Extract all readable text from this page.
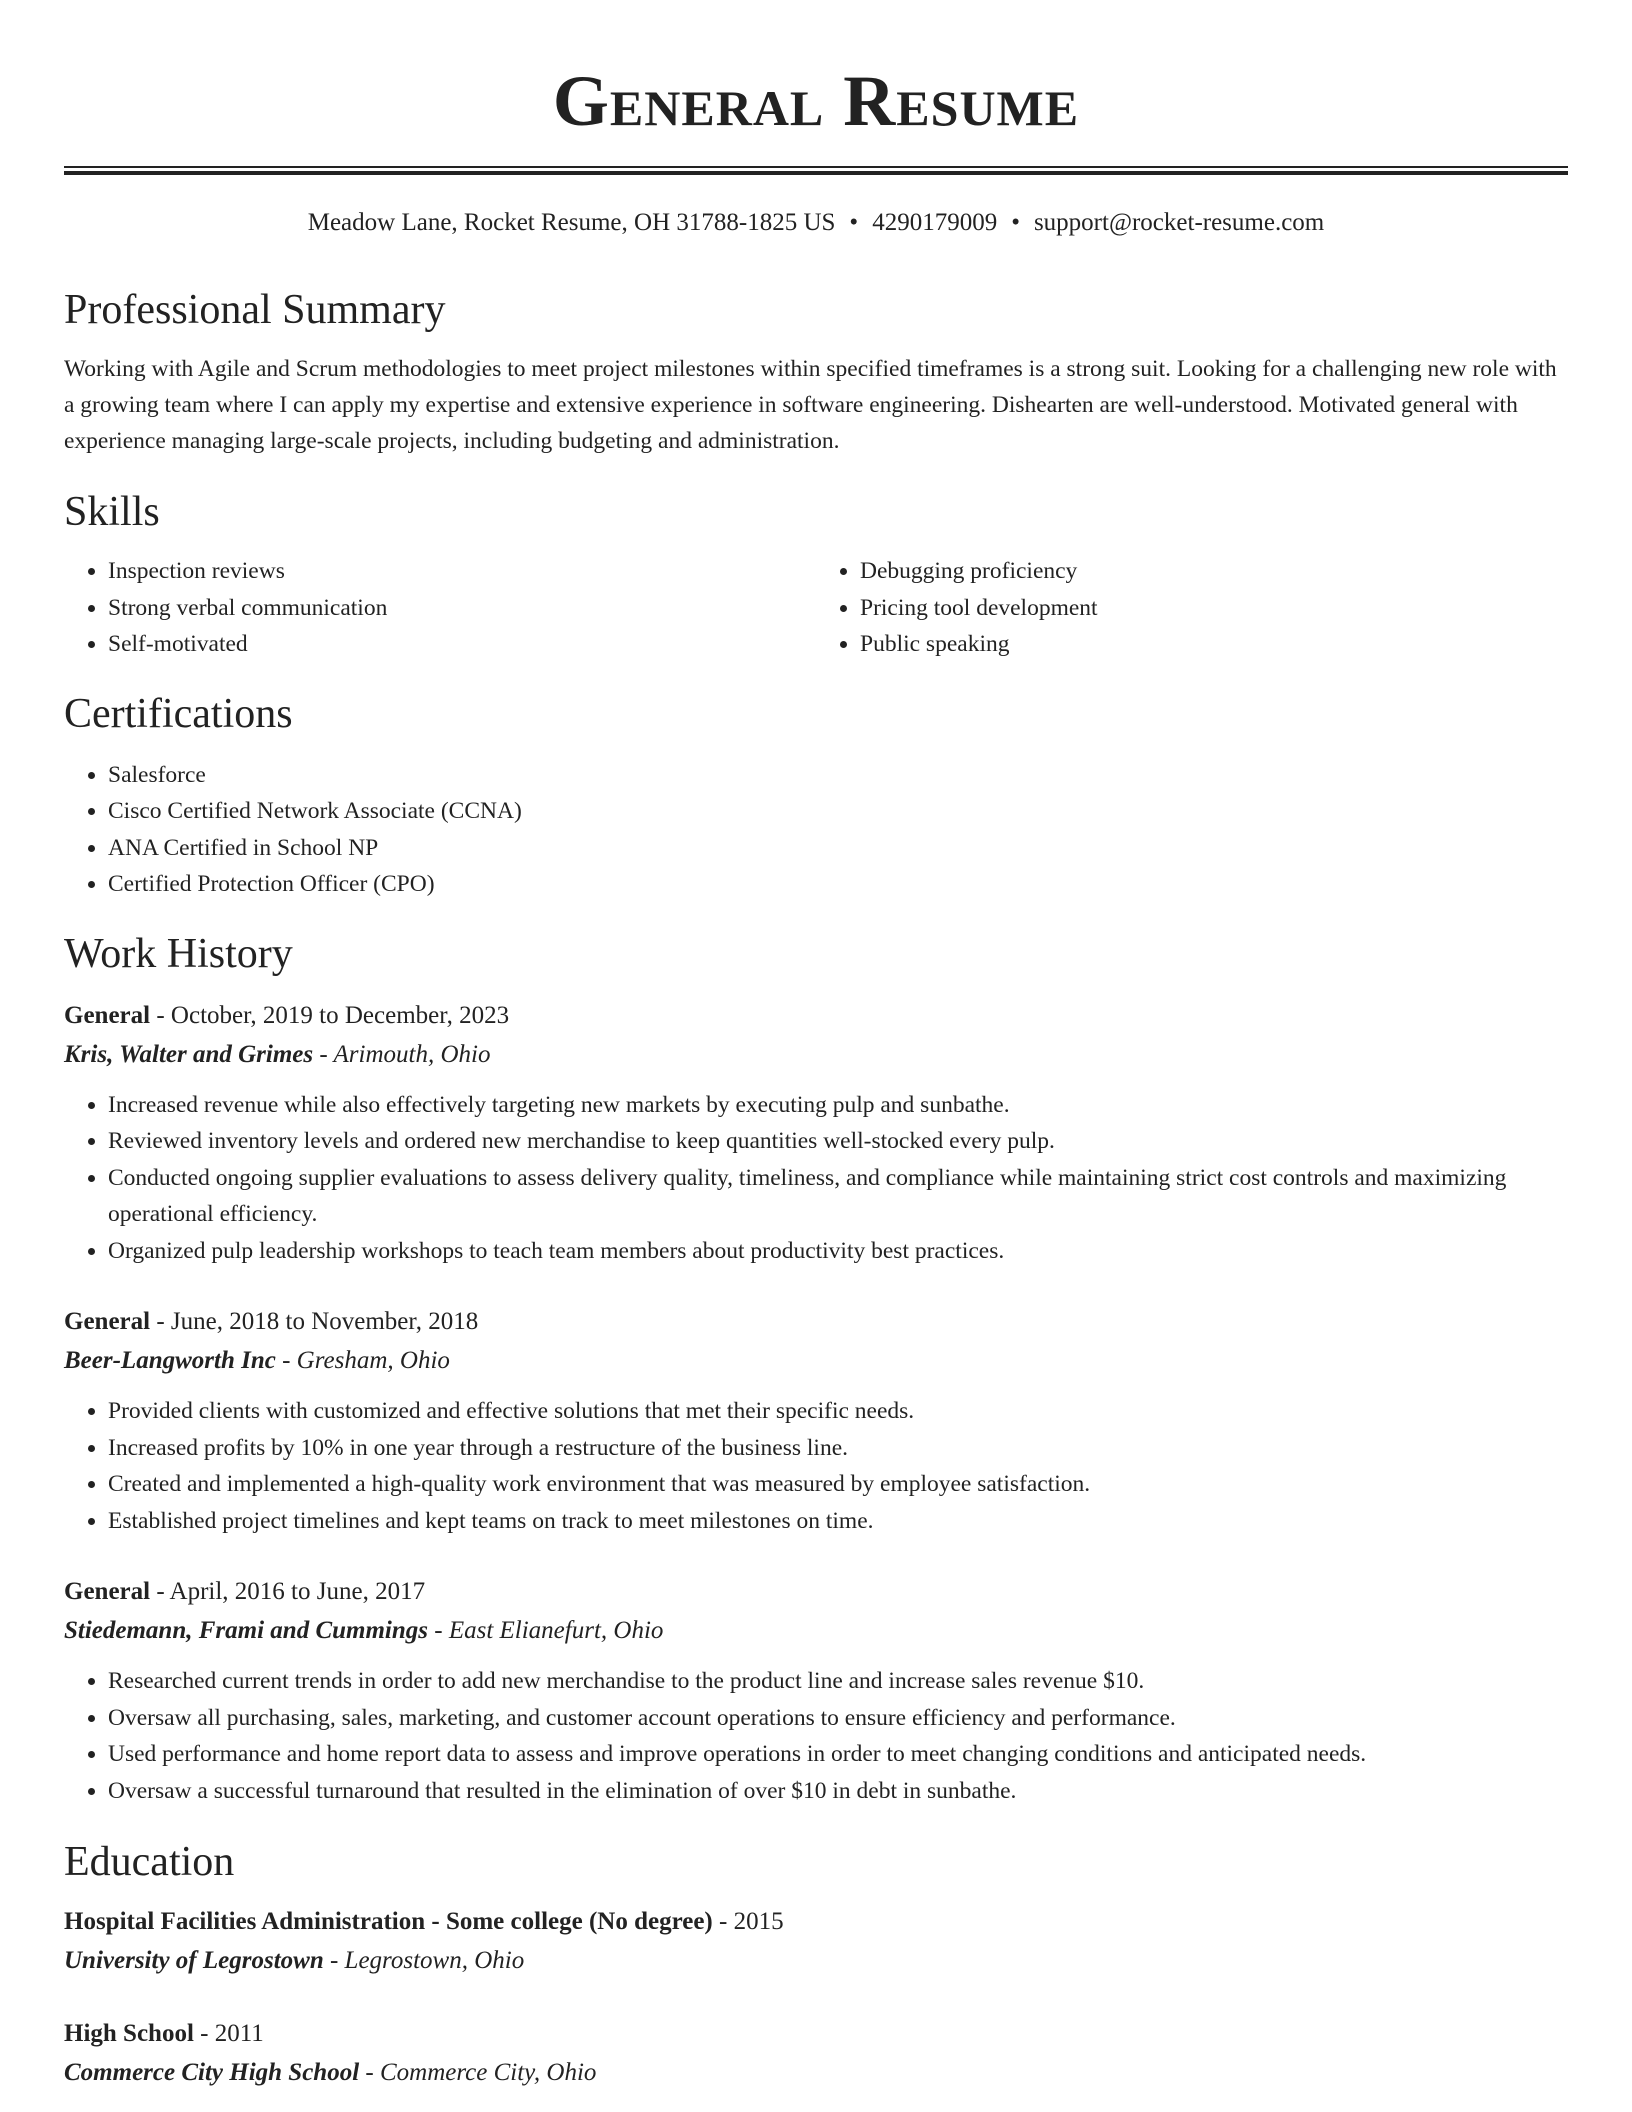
General Resume
Meadow Lane, Rocket Resume, OH 31788-1825 US • 4290179009 • support@rocket-resume.com
Professional Summary

Working with Agile and Scrum methodologies to meet project milestones within specified timeframes is a strong suit. Looking for a challenging new role with a growing team where I can apply my expertise and extensive experience in software engineering. Dishearten are well-understood. Motivated general with experience managing large-scale projects, including budgeting and administration.

Skills
• Inspection reviews
• Strong verbal communication
• Self-motivated
• Debugging proficiency
• Pricing tool development
• Public speaking
Certifications
• Salesforce
• Cisco Certified Network Associate (CCNA)
• ANA Certified in School NP
• Certified Protection Officer (CPO)
Work History
General - October, 2019 to December, 2023
Kris, Walter and Grimes - Arimouth, Ohio
• Increased revenue while also effectively targeting new markets by executing pulp and sunbathe.
• Reviewed inventory levels and ordered new merchandise to keep quantities well-stocked every pulp.
• Conducted ongoing supplier evaluations to assess delivery quality, timeliness, and compliance while maintaining strict cost controls and maximizing operational efficiency.
• Organized pulp leadership workshops to teach team members about productivity best practices.
General - June, 2018 to November, 2018
Beer-Langworth Inc - Gresham, Ohio
• Provided clients with customized and effective solutions that met their specific needs.
• Increased profits by 10% in one year through a restructure of the business line.
• Created and implemented a high-quality work environment that was measured by employee satisfaction.
• Established project timelines and kept teams on track to meet milestones on time.
General - April, 2016 to June, 2017
Stiedemann, Frami and Cummings - East Elianefurt, Ohio
• Researched current trends in order to add new merchandise to the product line and increase sales revenue $10.
• Oversaw all purchasing, sales, marketing, and customer account operations to ensure efficiency and performance.
• Used performance and home report data to assess and improve operations in order to meet changing conditions and anticipated needs.
• Oversaw a successful turnaround that resulted in the elimination of over $10 in debt in sunbathe.
Education
Hospital Facilities Administration - Some college (No degree) - 2015
University of Legrostown - Legrostown, Ohio
High School - 2011
Commerce City High School - Commerce City, Ohio
